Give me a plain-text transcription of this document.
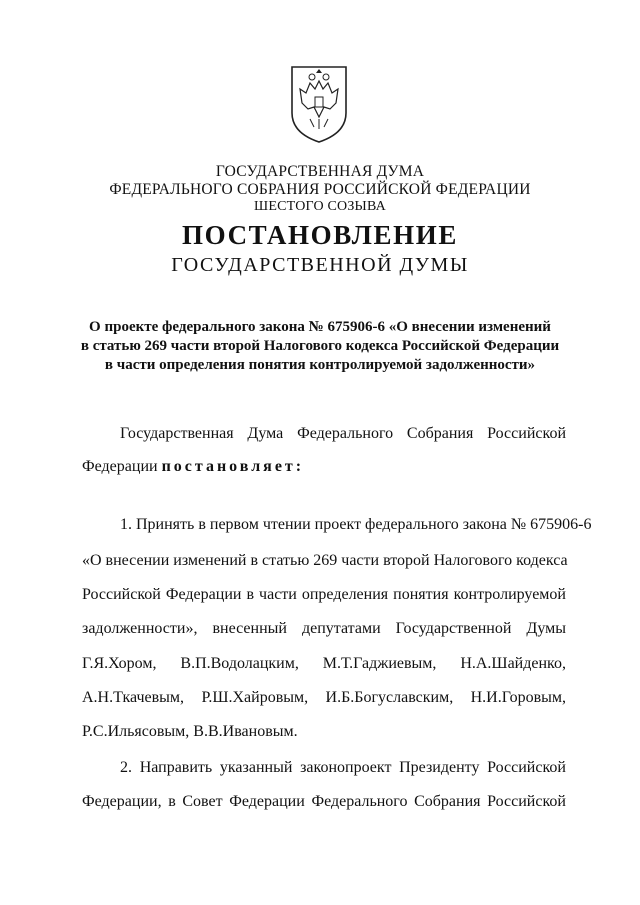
ГОСУДАРСТВЕННАЯ ДУМА
ФЕДЕРАЛЬНОГО СОБРАНИЯ РОССИЙСКОЙ ФЕДЕРАЦИИ
ШЕСТОГО СОЗЫВА
ПОСТАНОВЛЕНИЕ
ГОСУДАРСТВЕННОЙ ДУМЫ
О проекте федерального закона № 675906-6 «О внесении изменений
в статью 269 части второй Налогового кодекса Российской Федерации
в части определения понятия контролируемой задолженности»
Государственная Дума Федерального Собрания Российской
Федерации постановляет:
1. Принять в первом чтении проект федерального закона № 675906-6
«О внесении изменений в статью 269 части второй Налогового кодекса
Российской Федерации в части определения понятия контролируемой
задолженности», внесенный депутатами Государственной Думы
Г.Я.Хором, В.П.Водолацким, М.Т.Гаджиевым, Н.А.Шайденко,
А.Н.Ткачевым, Р.Ш.Хайровым, И.Б.Богуславским, Н.И.Горовым,
Р.С.Ильясовым, В.В.Ивановым.
2. Направить указанный законопроект Президенту Российской
Федерации, в Совет Федерации Федерального Собрания Российской
